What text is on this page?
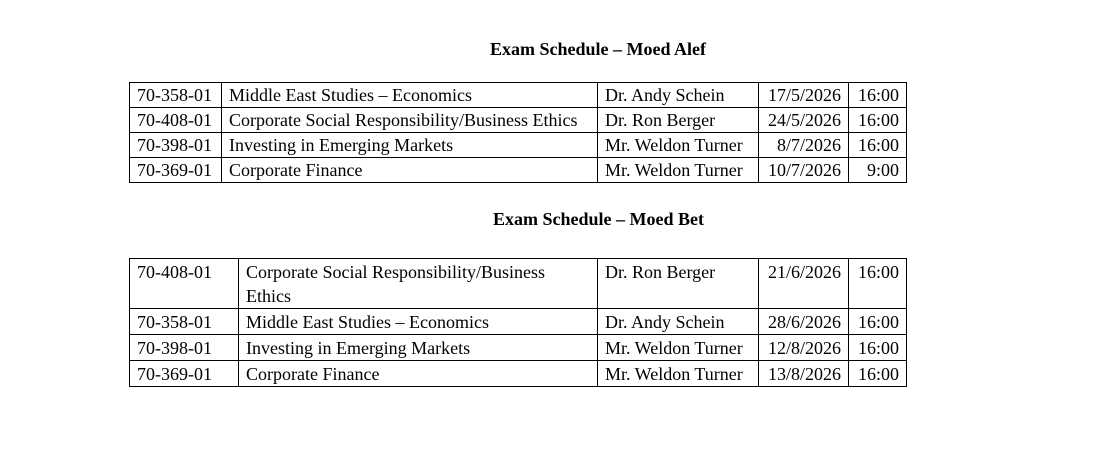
Exam Schedule – Moed Alef
70-358-01	Middle East Studies – Economics	Dr. Andy Schein	17/5/2026	16:00
70-408-01	Corporate Social Responsibility/Business Ethics	Dr. Ron Berger	24/5/2026	16:00
70-398-01	Investing in Emerging Markets	Mr. Weldon Turner	8/7/2026	16:00
70-369-01	Corporate Finance	Mr. Weldon Turner	10/7/2026	9:00
Exam Schedule – Moed Bet
70-408-01	Corporate Social Responsibility/Business Ethics	Dr. Ron Berger	21/6/2026	16:00
70-358-01	Middle East Studies – Economics	Dr. Andy Schein	28/6/2026	16:00
70-398-01	Investing in Emerging Markets	Mr. Weldon Turner	12/8/2026	16:00
70-369-01	Corporate Finance	Mr. Weldon Turner	13/8/2026	16:00
